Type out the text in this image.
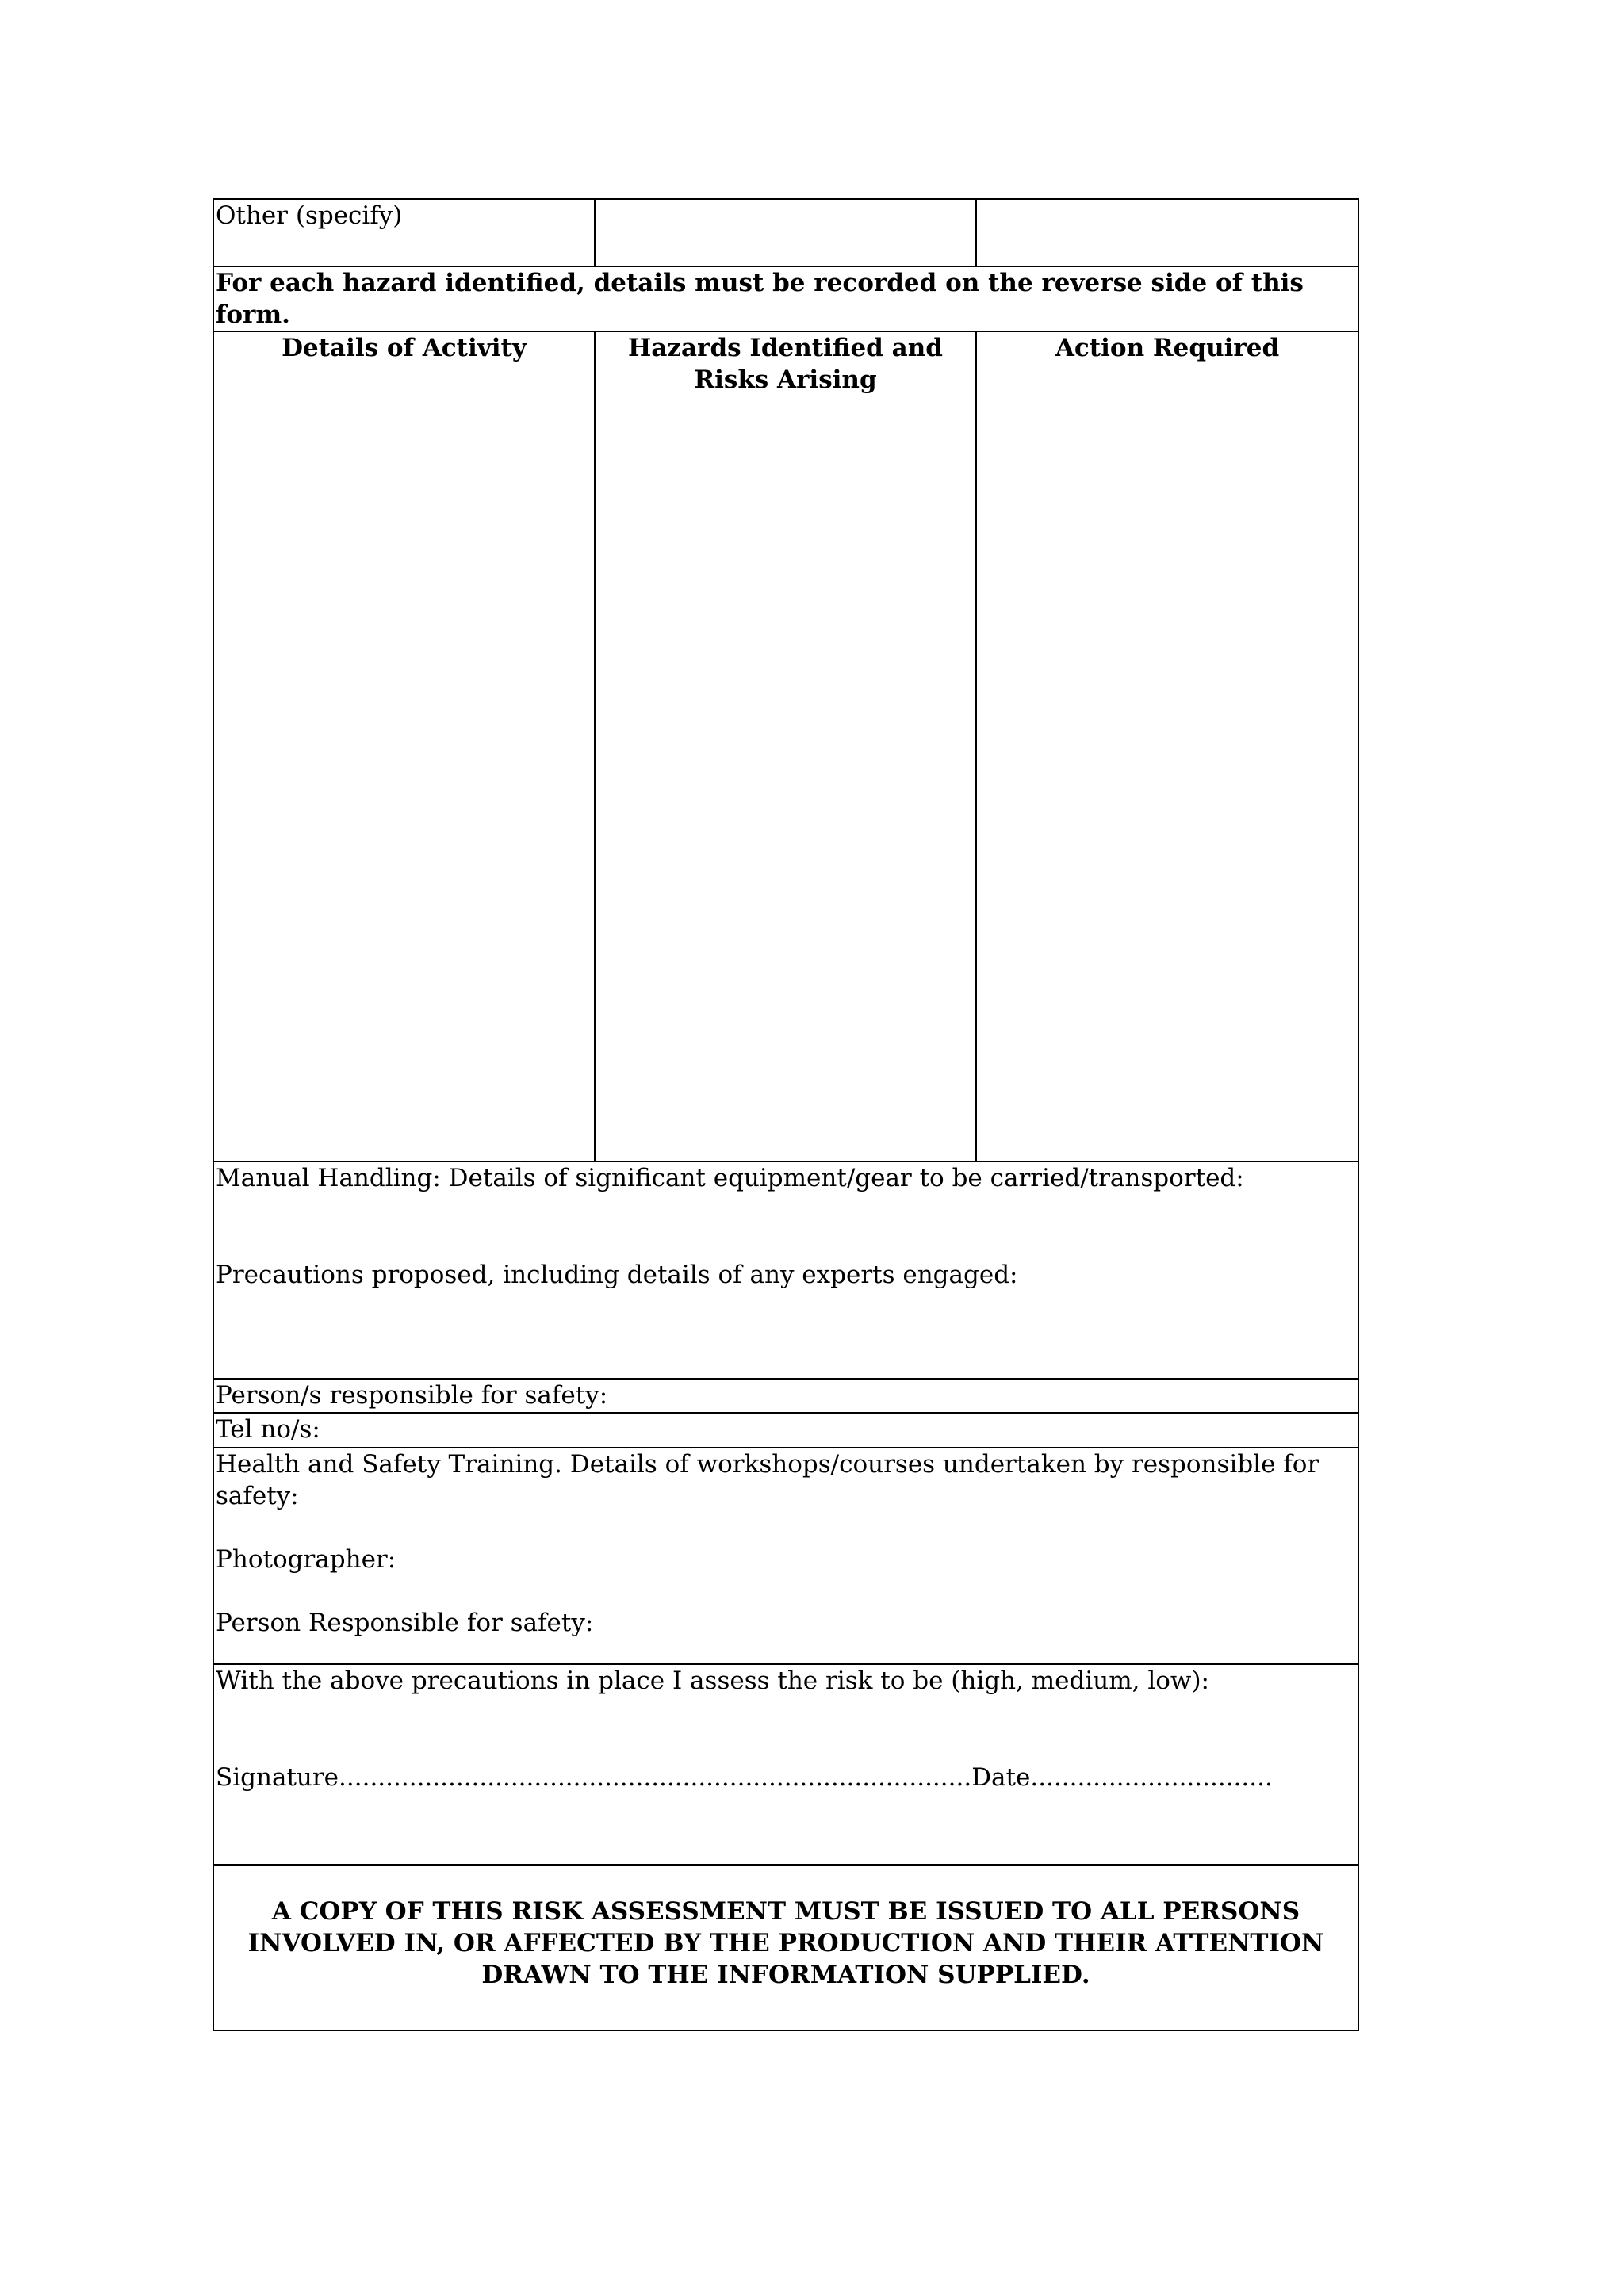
Other (specify)		
For each hazard identified, details must be recorded on the reverse side of this form.		
Details of Activity	Hazards Identified and Risks Arising	Action Required

Manual Handling: Details of significant equipment/gear to be carried/transported:
Precautions proposed, including details of any experts engaged:		

Person/s responsible for safety:		
Tel no/s:		

Health and Safety Training. Details of workshops/courses undertaken by responsible for safety:
Photographer:
Person Responsible for safety:		

With the above precautions in place I assess the risk to be (high, medium, low):
Signature.................................................................................Date...............................		

A COPY OF THIS RISK ASSESSMENT MUST BE ISSUED TO ALL PERSONS INVOLVED IN, OR AFFECTED BY THE PRODUCTION AND THEIR ATTENTION DRAWN TO THE INFORMATION SUPPLIED.		
